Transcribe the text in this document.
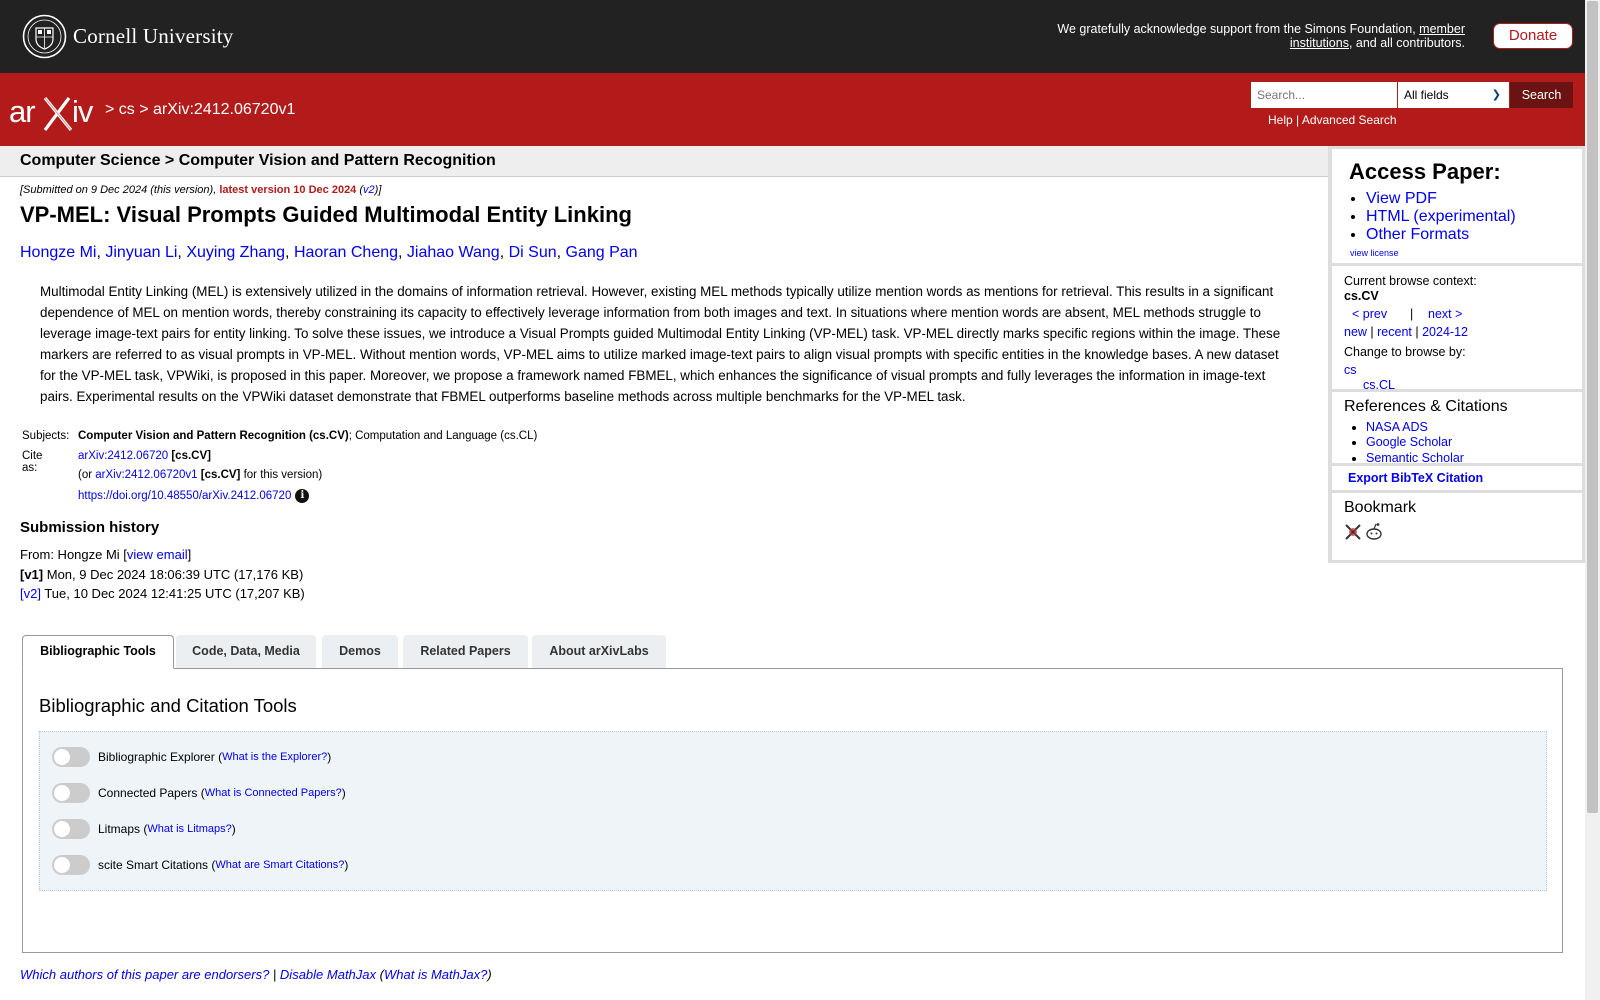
Cornell University	We gratefully acknowledge support from the Simons Foundation, member institutions, and all contributors.	Donate
ar iv > cs > arXiv:2412.06720v1
Search...	All fields	❯	Search
Help | Advanced Search
Computer Science > Computer Vision and Pattern Recognition
[Submitted on 9 Dec 2024 (this version), latest version 10 Dec 2024 (v2)]
VP-MEL: Visual Prompts Guided Multimodal Entity Linking
Hongze Mi, Jinyuan Li, Xuying Zhang, Haoran Cheng, Jiahao Wang, Di Sun, Gang Pan

Multimodal Entity Linking (MEL) is extensively utilized in the domains of information retrieval. However, existing MEL methods typically utilize mention words as mentions for retrieval. This results in a significant dependence of MEL on mention words, thereby constraining its capacity to effectively leverage information from both images and text. In situations where mention words are absent, MEL methods struggle to leverage image-text pairs for entity linking. To solve these issues, we introduce a Visual Prompts guided Multimodal Entity Linking (VP-MEL) task. VP-MEL directly marks specific regions within the image. These markers are referred to as visual prompts in VP-MEL. Without mention words, VP-MEL aims to utilize marked image-text pairs to align visual prompts with specific entities in the knowledge bases. A new dataset for the VP-MEL task, VPWiki, is proposed in this paper. Moreover, we propose a framework named FBMEL, which enhances the significance of visual prompts and fully leverages the information in image-text pairs. Experimental results on the VPWiki dataset demonstrate that FBMEL outperforms baseline methods across multiple benchmarks for the VP-MEL task.

Subjects: Computer Vision and Pattern Recognition (cs.CV); Computation and Language (cs.CL)
Cite as:
arXiv:2412.06720 [cs.CV]
(or arXiv:2412.06720v1 [cs.CV] for this version)
https://doi.org/10.48550/arXiv.2412.06720 i
Submission history
From: Hongze Mi [view email]
[v1] Mon, 9 Dec 2024 18:06:39 UTC (17,176 KB)
[v2] Tue, 10 Dec 2024 12:41:25 UTC (17,207 KB)
Bibliographic Tools	Code, Data, Media	Demos	Related Papers	About arXivLabs
Bibliographic and Citation Tools
Bibliographic Explorer ( What is the Explorer? )
Connected Papers ( What is Connected Papers? )
Litmaps ( What is Litmaps? )
scite Smart Citations ( What are Smart Citations? )
Which authors of this paper are endorsers? | Disable MathJax (What is MathJax?)
Access Paper:
• View PDF
• HTML (experimental)
• Other Formats
view license
Current browse context:
cs.CV
< prev | next >
new | recent | 2024-12
Change to browse by:
cs
cs.CL
References & Citations
• NASA ADS
• Google Scholar
• Semantic Scholar
Export BibTeX Citation
Bookmark
